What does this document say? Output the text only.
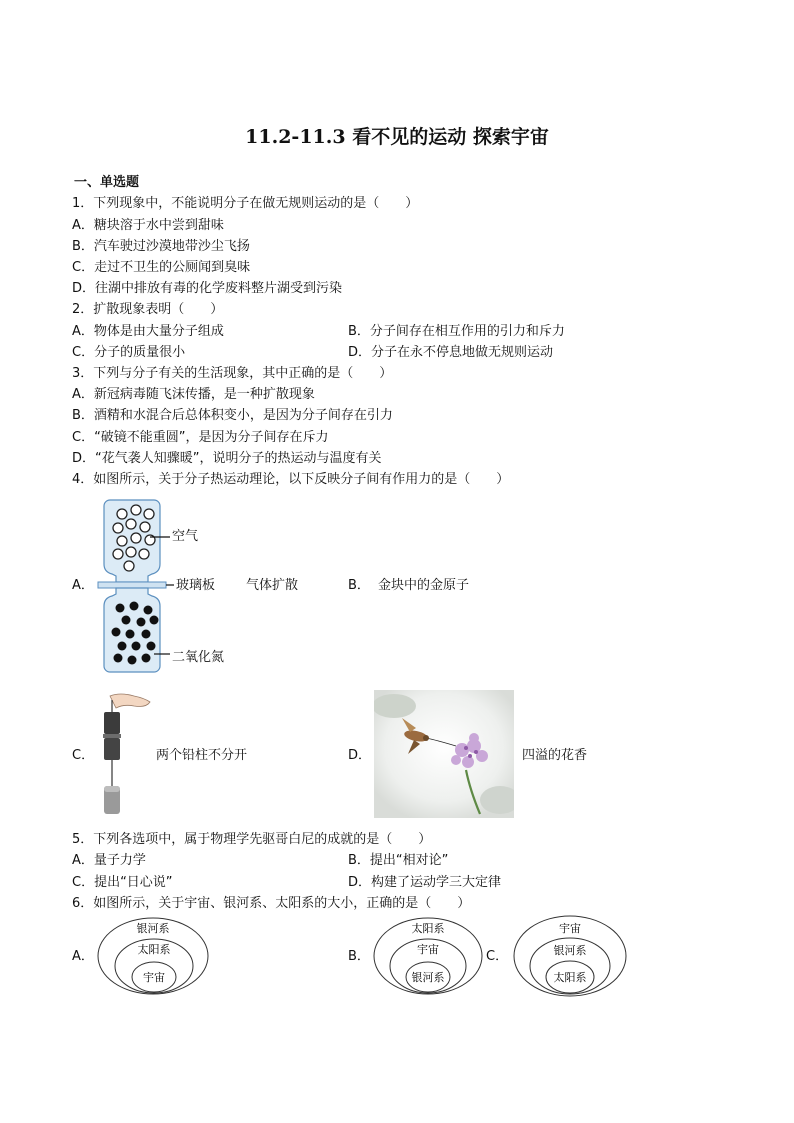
11.2-11.3 看不见的运动 探索宇宙
一、单选题
1．下列现象中，不能说明分子在做无规则运动的是（　　）
A．糖块溶于水中尝到甜味
B．汽车驶过沙漠地带沙尘飞扬
C．走过不卫生的公厕闻到臭味
D．往湖中排放有毒的化学废料整片湖受到污染
2．扩散现象表明（　　）
A．物体是由大量分子组成	B．分子间存在相互作用的引力和斥力
C．分子的质量很小	D．分子在永不停息地做无规则运动
3．下列与分子有关的生活现象，其中正确的是（　　）
A．新冠病毒随飞沫传播，是一种扩散现象
B．酒精和水混合后总体积变小，是因为分子间存在引力
C．“破镜不能重圆”，是因为分子间存在斥力
D．“花气袭人知骤暖”，说明分子的热运动与温度有关
4．如图所示，关于分子热运动理论，以下反映分子间有作用力的是（　　）
A．
空气
玻璃板 气体扩散
二氧化氮
B． 金块中的金原子
C．	两个铅柱不分开	D．	四溢的花香
5．下列各选项中，属于物理学先驱哥白尼的成就的是（　　）
A．量子力学	B．提出“相对论”
C．提出“日心说”	D．构建了运动学三大定律
6．如图所示，关于宇宙、银河系、太阳系的大小，正确的是（　　）
A．
银河系
太阳系
宇宙
B．
太阳系
宇宙
银河系
C．
宇宙
银河系
太阳系
